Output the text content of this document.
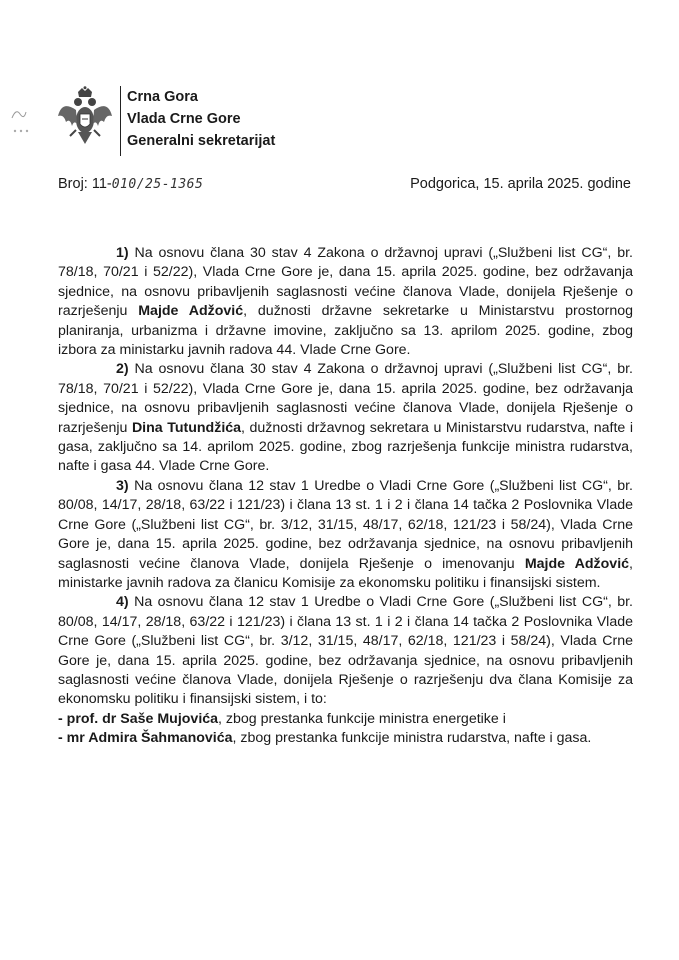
Crna Gora
Vlada Crne Gore
Generalni sekretarijat
Broj: 11-010/25-1365	Podgorica, 15. aprila 2025. godine

1) Na osnovu člana 30 stav 4 Zakona o državnoj upravi („Službeni list CG“, br. 78/18, 70/21 i 52/22), Vlada Crne Gore je, dana 15. aprila 2025. godine, bez održavanja sjednice, na osnovu pribavljenih saglasnosti većine članova Vlade, donijela Rješenje o razrješenju Majde Adžović, dužnosti državne sekretarke u Ministarstvu prostornog planiranja, urbanizma i državne imovine, zaključno sa 13. aprilom 2025. godine, zbog izbora za ministarku javnih radova 44. Vlade Crne Gore.

2) Na osnovu člana 30 stav 4 Zakona o državnoj upravi („Službeni list CG“, br. 78/18, 70/21 i 52/22), Vlada Crne Gore je, dana 15. aprila 2025. godine, bez održavanja sjednice, na osnovu pribavljenih saglasnosti većine članova Vlade, donijela Rješenje o razrješenju Dina Tutundžića, dužnosti državnog sekretara u Ministarstvu rudarstva, nafte i gasa, zaključno sa 14. aprilom 2025. godine, zbog razrješenja funkcije ministra rudarstva, nafte i gasa 44. Vlade Crne Gore.

3) Na osnovu člana 12 stav 1 Uredbe o Vladi Crne Gore („Službeni list CG“, br. 80/08, 14/17, 28/18, 63/22 i 121/23) i člana 13 st. 1 i 2 i člana 14 tačka 2 Poslovnika Vlade Crne Gore („Službeni list CG“, br. 3/12, 31/15, 48/17, 62/18, 121/23 i 58/24), Vlada Crne Gore je, dana 15. aprila 2025. godine, bez održavanja sjednice, na osnovu pribavljenih saglasnosti većine članova Vlade, donijela Rješenje o imenovanju Majde Adžović, ministarke javnih radova za članicu Komisije za ekonomsku politiku i finansijski sistem.

4) Na osnovu člana 12 stav 1 Uredbe o Vladi Crne Gore („Službeni list CG“, br. 80/08, 14/17, 28/18, 63/22 i 121/23) i člana 13 st. 1 i 2 i člana 14 tačka 2 Poslovnika Vlade Crne Gore („Službeni list CG“, br. 3/12, 31/15, 48/17, 62/18, 121/23 i 58/24), Vlada Crne Gore je, dana 15. aprila 2025. godine, bez održavanja sjednice, na osnovu pribavljenih saglasnosti većine članova Vlade, donijela Rješenje o razrješenju dva člana Komisije za ekonomsku politiku i finansijski sistem, i to:

- prof. dr Saše Mujovića, zbog prestanka funkcije ministra energetike i

- mr Admira Šahmanovića, zbog prestanka funkcije ministra rudarstva, nafte i gasa.
